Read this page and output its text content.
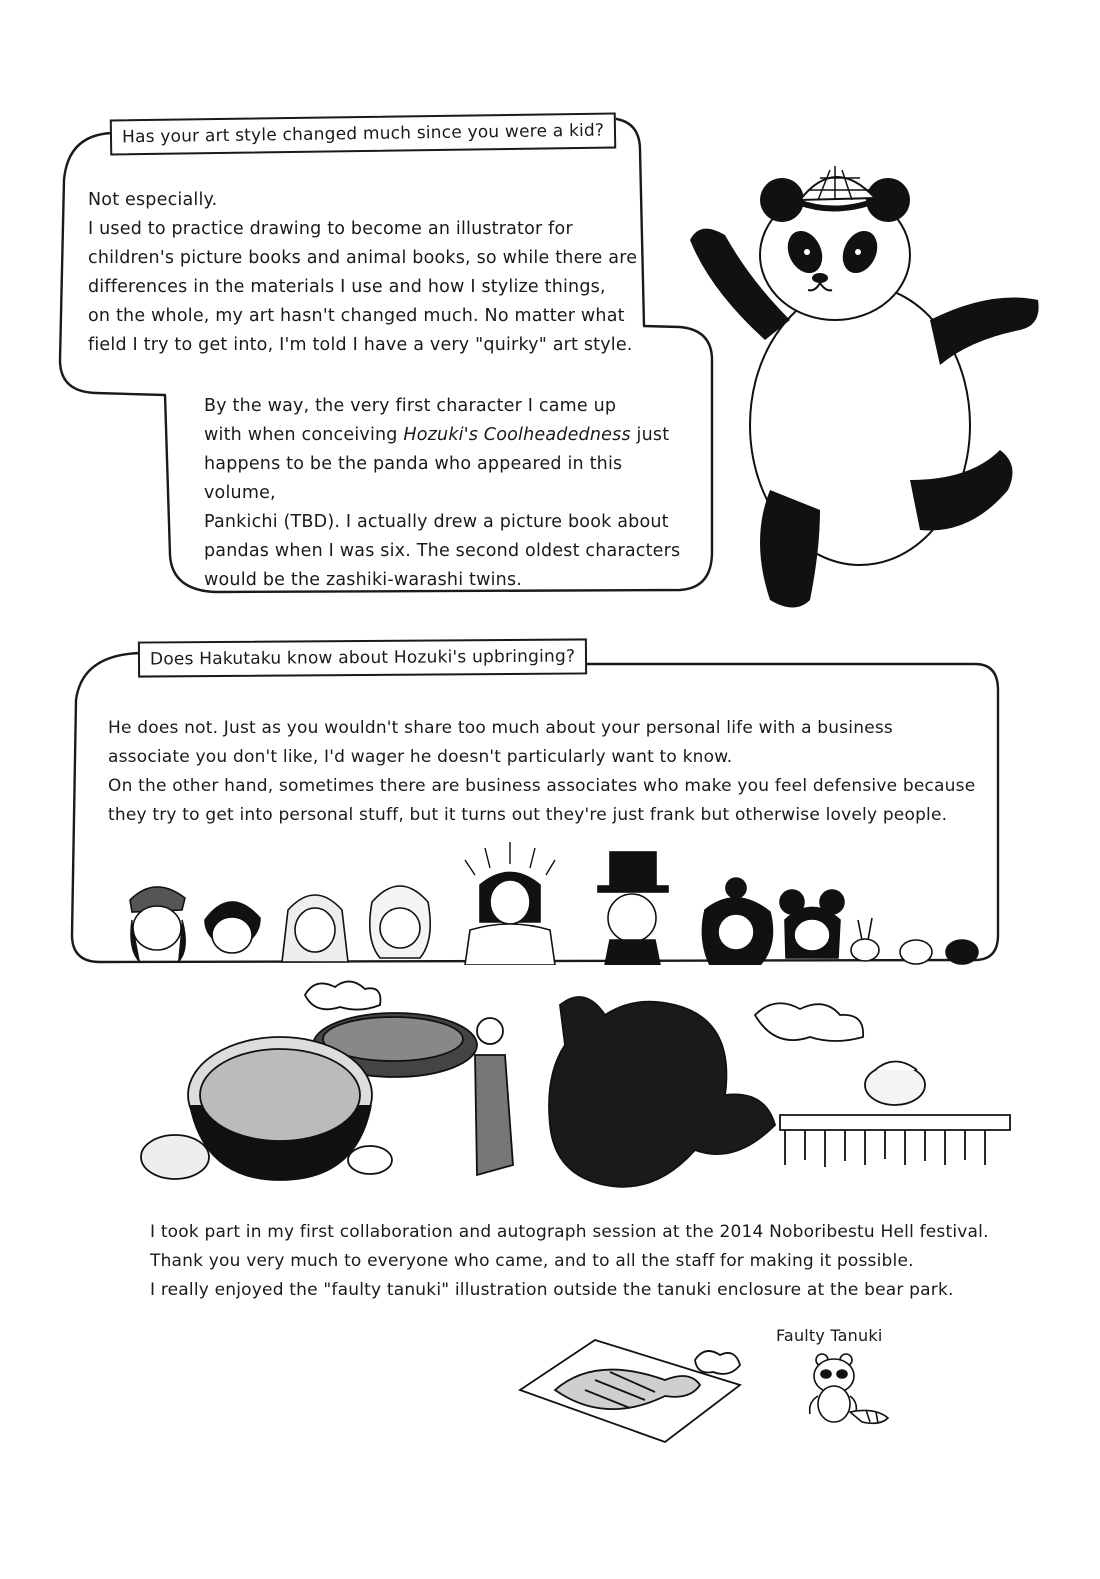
Has your art style changed much since you were a kid?

Not especially.

I used to practice drawing to become an illustrator for

children's picture books and animal books, so while there are

differences in the materials I use and how I stylize things,

on the whole, my art hasn't changed much. No matter what

field I try to get into, I'm told I have a very "quirky" art style.

By the way, the very first character I came up

with when conceiving Hozuki's Coolheadedness just

happens to be the panda who appeared in this volume,

Pankichi (TBD). I actually drew a picture book about

pandas when I was six. The second oldest characters

would be the zashiki-warashi twins.

Does Hakutaku know about Hozuki's upbringing?

He does not. Just as you wouldn't share too much about your personal life with a business

associate you don't like, I'd wager he doesn't particularly want to know.

On the other hand, sometimes there are business associates who make you feel defensive because

they try to get into personal stuff, but it turns out they're just frank but otherwise lovely people.

I took part in my first collaboration and autograph session at the 2014 Noboribestu Hell festival.

Thank you very much to everyone who came, and to all the staff for making it possible.

I really enjoyed the "faulty tanuki" illustration outside the tanuki enclosure at the bear park.

Faulty Tanuki
